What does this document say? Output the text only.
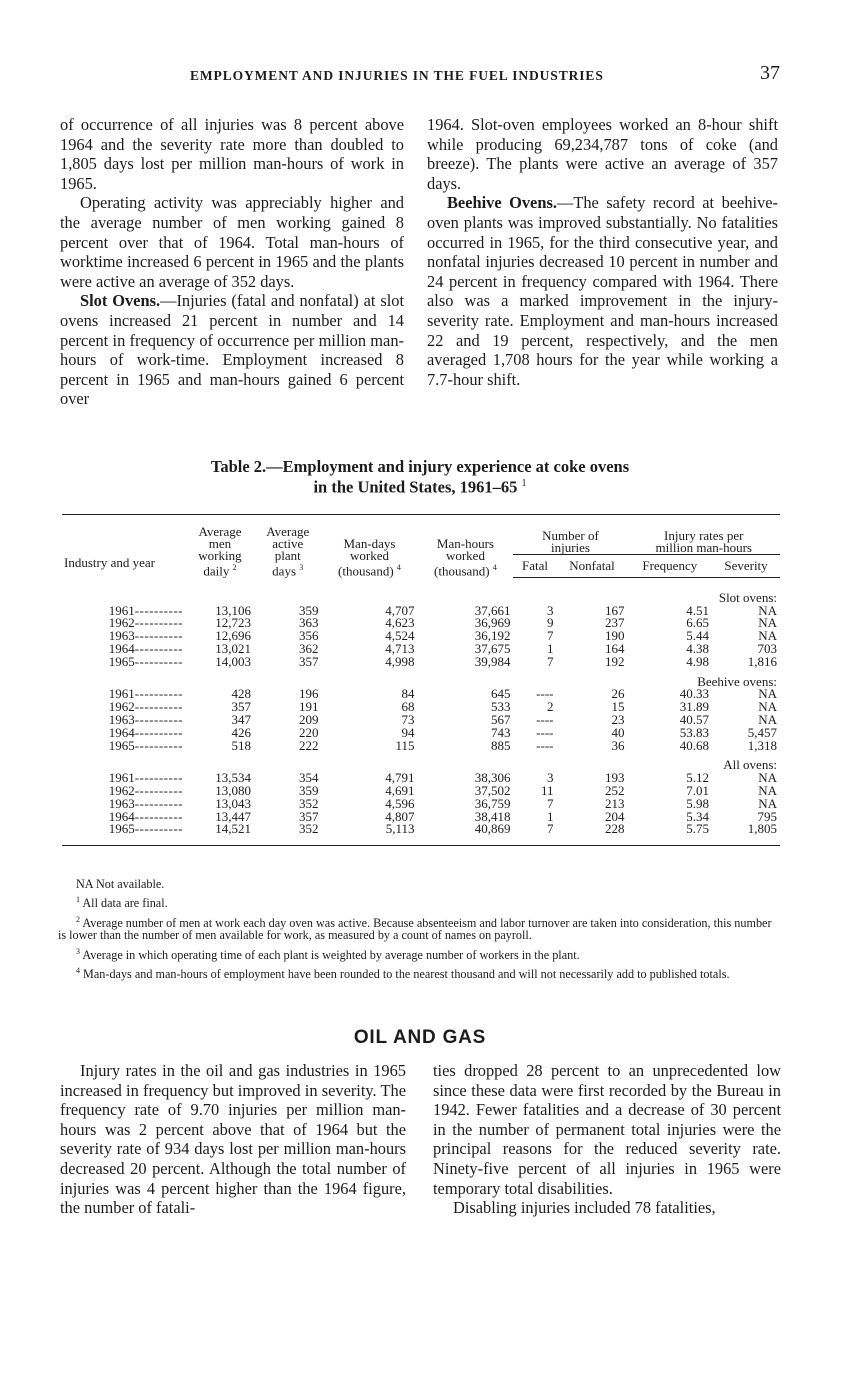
EMPLOYMENT AND INJURIES IN THE FUEL INDUSTRIES	37

of occurrence of all injuries was 8 percent above 1964 and the severity rate more than doubled to 1,805 days lost per million man-hours of work in 1965.

Operating activity was appreciably higher and the average number of men working gained 8 percent over that of 1964. Total man-hours of worktime increased 6 percent in 1965 and the plants were active an average of 352 days.

Slot Ovens.—Injuries (fatal and nonfatal) at slot ovens increased 21 percent in number and 14 percent in frequency of occurrence per million man-hours of work-time. Employment increased 8 percent in 1965 and man-hours gained 6 percent over

1964. Slot-oven employees worked an 8-hour shift while producing 69,234,787 tons of coke (and breeze). The plants were active an average of 357 days.

Beehive Ovens.—The safety record at beehive-oven plants was improved substantially. No fatalities occurred in 1965, for the third consecutive year, and nonfatal injuries decreased 10 percent in number and 24 percent in frequency compared with 1964. There also was a marked improvement in the injury-severity rate. Employment and man-hours increased 22 and 19 percent, respectively, and the men averaged 1,708 hours for the year while working a 7.7-hour shift.

Table 2.—Employment and injury experience at coke ovens
in the United States, 1961–65 $^1$
Industry and year	Average
men
working
daily $^2$	Average
active
plant
days $^3$	Man-days
worked
(thousand) $^4$	Man-hours
worked
(thousand) $^4$	Number of
injuries		Injury rates per
million man-hours	
					Fatal	Nonfatal	Frequency	Severity
Slot ovens:								
1961----------	13,106	359	4,707	37,661	3	167	4.51	NA
1962----------	12,723	363	4,623	36,969	9	237	6.65	NA
1963----------	12,696	356	4,524	36,192	7	190	5.44	NA
1964----------	13,021	362	4,713	37,675	1	164	4.38	703
1965----------	14,003	357	4,998	39,984	7	192	4.98	1,816
Beehive ovens:								
1961----------	428	196	84	645	----	26	40.33	NA
1962----------	357	191	68	533	2	15	31.89	NA
1963----------	347	209	73	567	----	23	40.57	NA
1964----------	426	220	94	743	----	40	53.83	5,457
1965----------	518	222	115	885	----	36	40.68	1,318
All ovens:								
1961----------	13,534	354	4,791	38,306	3	193	5.12	NA
1962----------	13,080	359	4,691	37,502	11	252	7.01	NA
1963----------	13,043	352	4,596	36,759	7	213	5.98	NA
1964----------	13,447	357	4,807	38,418	1	204	5.34	795
1965----------	14,521	352	5,113	40,869	7	228	5.75	1,805

NA Not available.

$^1$ All data are final.

$^2$ Average number of men at work each day oven was active. Because absenteeism and labor turnover are taken into consideration, this number is lower than the number of men available for work, as measured by a count of names on payroll.

$^3$ Average in which operating time of each plant is weighted by average number of workers in the plant.

$^4$ Man-days and man-hours of employment have been rounded to the nearest thousand and will not necessarily add to published totals.

OIL AND GAS

Injury rates in the oil and gas industries in 1965 increased in frequency but improved in severity. The frequency rate of 9.70 injuries per million man-hours was 2 percent above that of 1964 but the severity rate of 934 days lost per million man-hours decreased 20 percent. Although the total number of injuries was 4 percent higher than the 1964 figure, the number of fatali-

ties dropped 28 percent to an unprecedented low since these data were first recorded by the Bureau in 1942. Fewer fatalities and a decrease of 30 percent in the number of permanent total injuries were the principal reasons for the reduced severity rate. Ninety-five percent of all injuries in 1965 were temporary total disabilities.

Disabling injuries included 78 fatalities,
